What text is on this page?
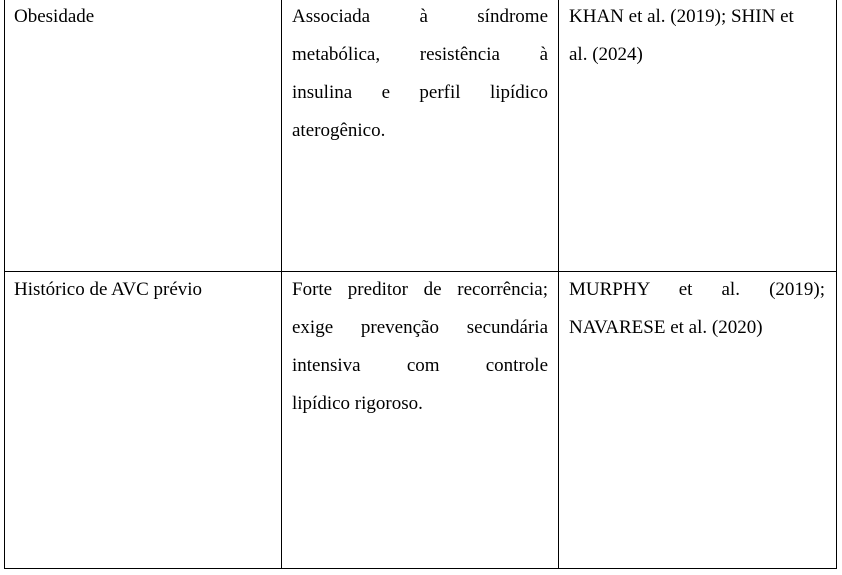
Obesidade	Associada à síndrome
metabólica, resistência à
insulina e perfil lipídico
aterogênico.
KHAN et al. (2019); SHIN et
al. (2024)
Histórico de AVC prévio	Forte preditor de recorrência;
exige prevenção secundária
intensiva com controle
lipídico rigoroso.
MURPHY et al. (2019);
NAVARESE et al. (2020)
